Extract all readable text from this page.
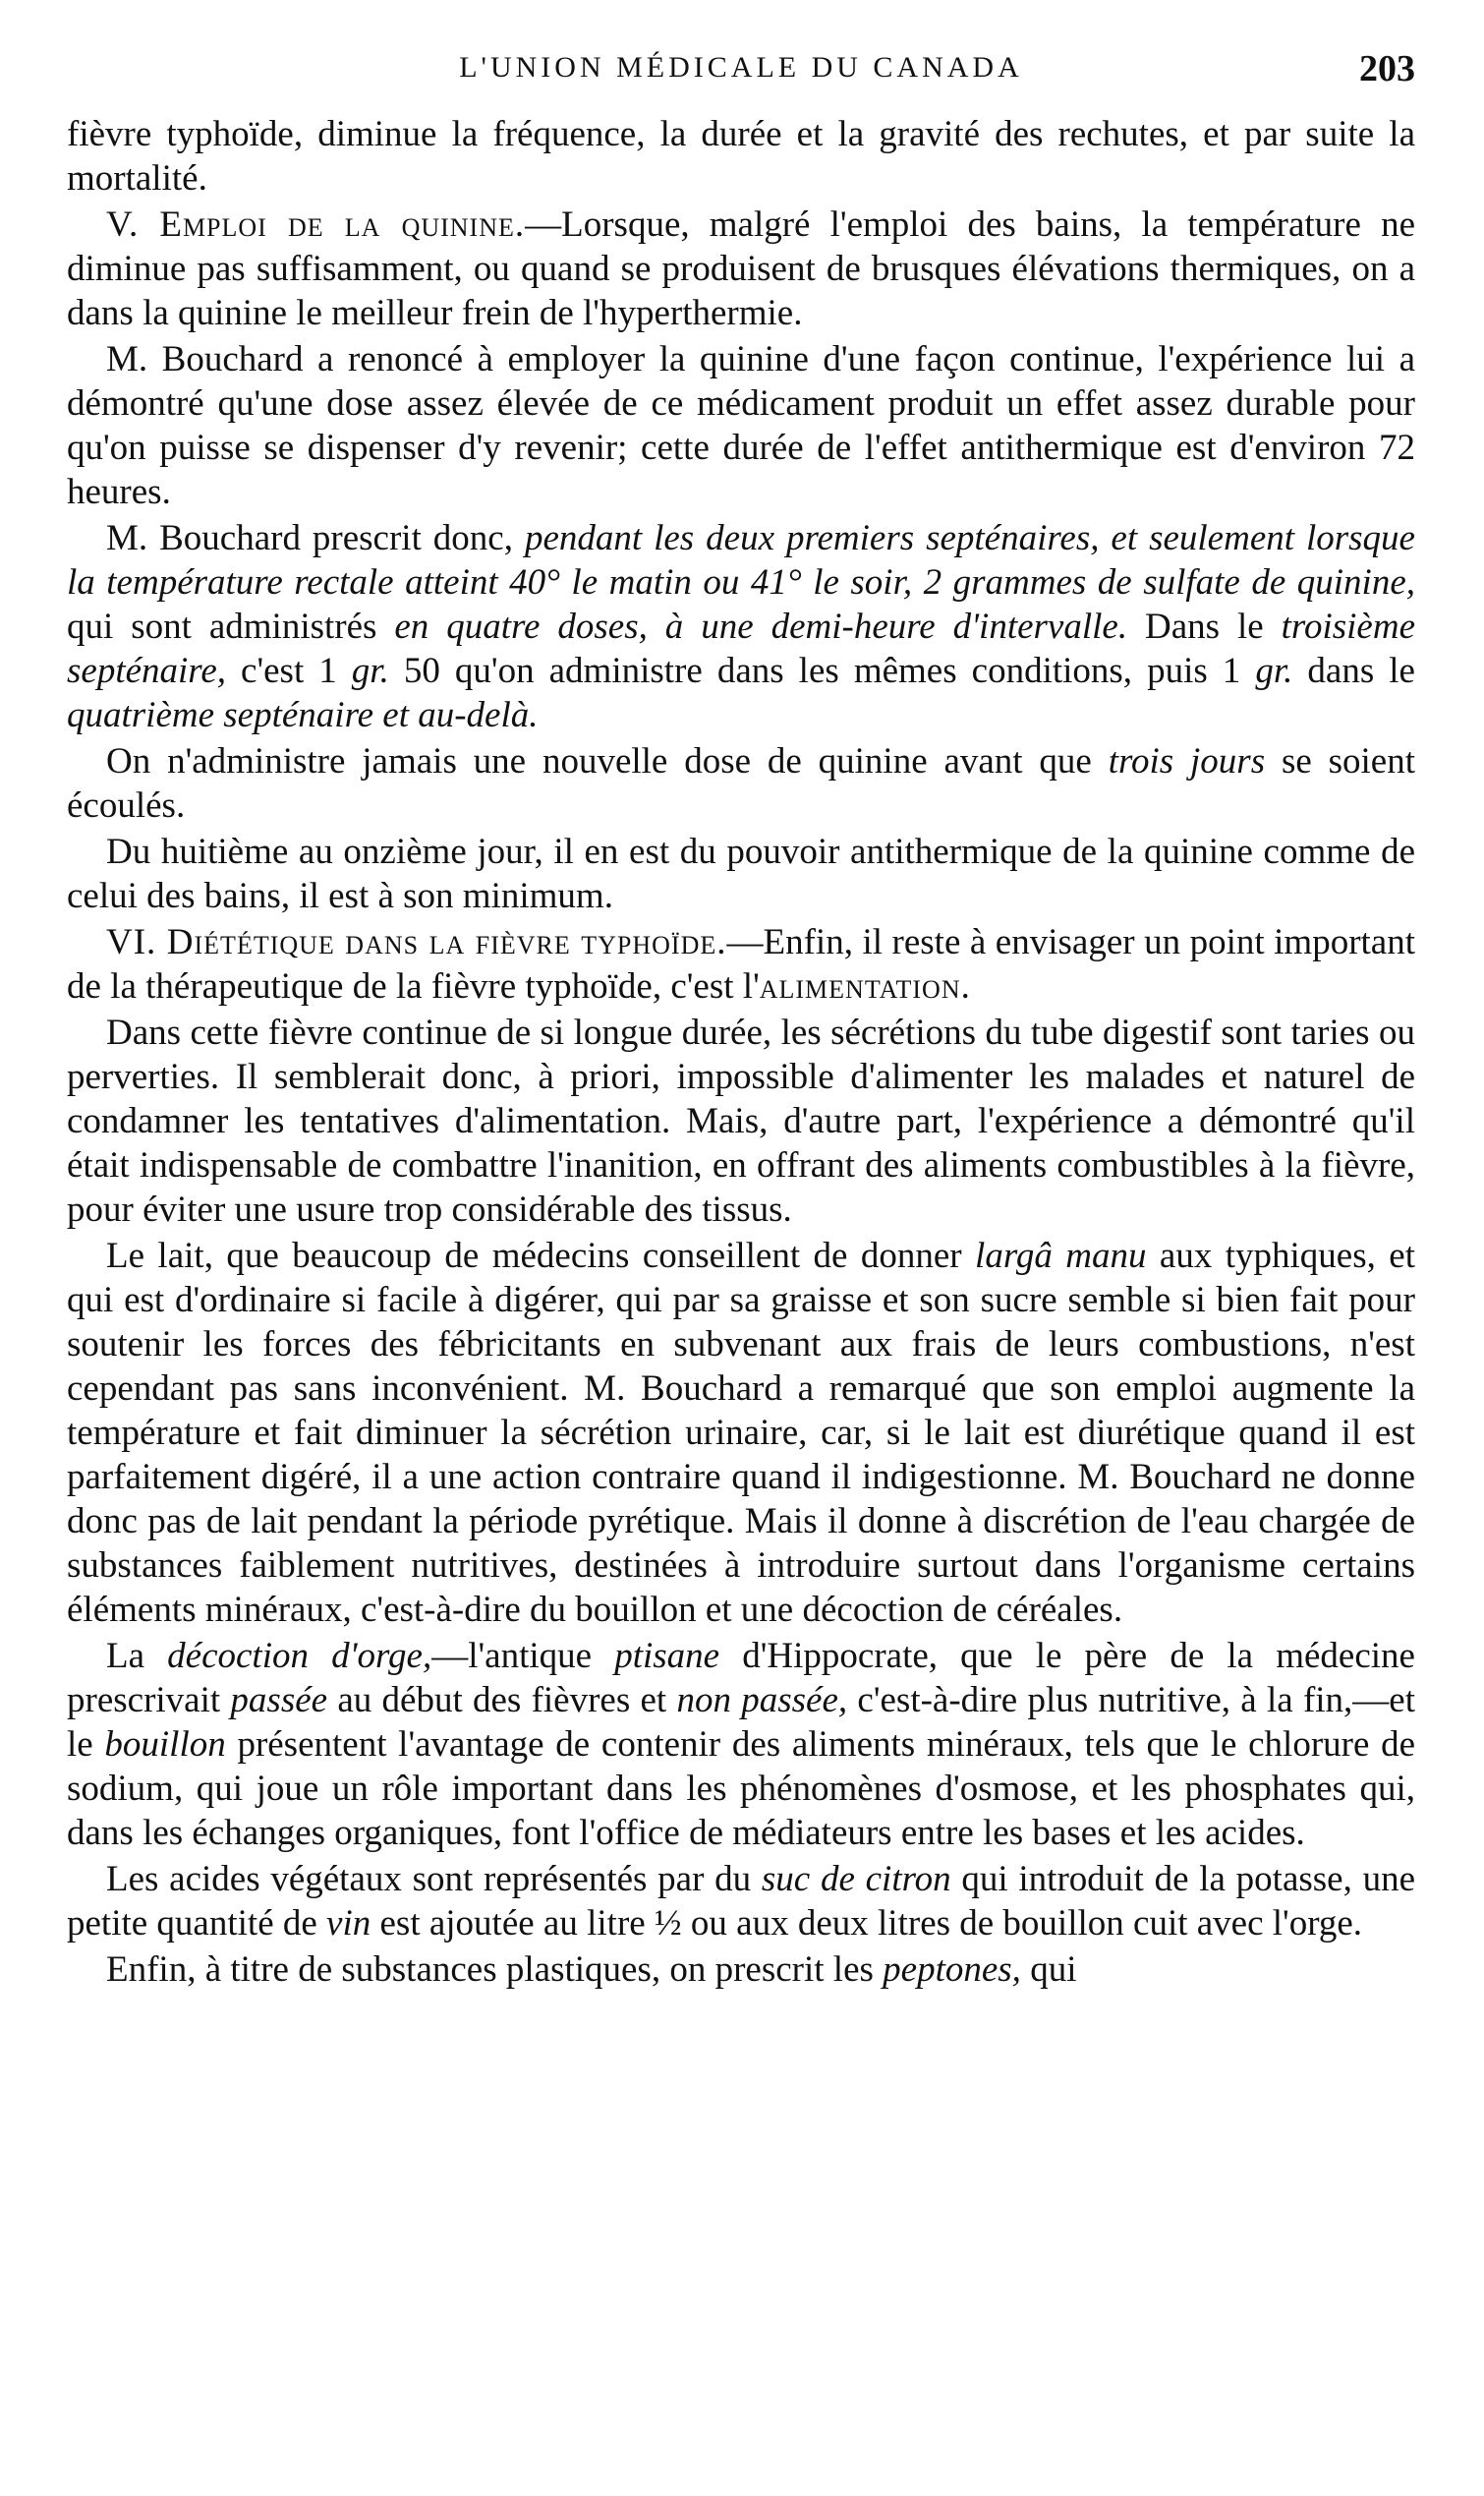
L'UNION MÉDICALE DU CANADA	203

fièvre typhoïde, diminue la fréquence, la durée et la gravité des rechutes, et par suite la mortalité.

V. Emploi de la quinine.—Lorsque, malgré l'emploi des bains, la température ne diminue pas suffisamment, ou quand se produisent de brusques élévations thermiques, on a dans la quinine le meilleur frein de l'hyperthermie.

M. Bouchard a renoncé à employer la quinine d'une façon continue, l'expérience lui a démontré qu'une dose assez élevée de ce médicament produit un effet assez durable pour qu'on puisse se dispenser d'y revenir; cette durée de l'effet antithermique est d'environ 72 heures.

M. Bouchard prescrit donc, pendant les deux premiers septénaires, et seulement lorsque la température rectale atteint 40° le matin ou 41° le soir, 2 grammes de sulfate de quinine, qui sont administrés en quatre doses, à une demi-heure d'intervalle. Dans le troisième septénaire, c'est 1 gr. 50 qu'on administre dans les mêmes conditions, puis 1 gr. dans le quatrième septénaire et au-delà.

On n'administre jamais une nouvelle dose de quinine avant que trois jours se soient écoulés.

Du huitième au onzième jour, il en est du pouvoir antithermique de la quinine comme de celui des bains, il est à son minimum.

VI. Diététique dans la fièvre typhoïde.—Enfin, il reste à envisager un point important de la thérapeutique de la fièvre typhoïde, c'est l'alimentation.

Dans cette fièvre continue de si longue durée, les sécrétions du tube digestif sont taries ou perverties. Il semblerait donc, à priori, impossible d'alimenter les malades et naturel de condamner les tentatives d'alimentation. Mais, d'autre part, l'expérience a démontré qu'il était indispensable de combattre l'inanition, en offrant des aliments combustibles à la fièvre, pour éviter une usure trop considérable des tissus.

Le lait, que beaucoup de médecins conseillent de donner largâ manu aux typhiques, et qui est d'ordinaire si facile à digérer, qui par sa graisse et son sucre semble si bien fait pour soutenir les forces des fébricitants en subvenant aux frais de leurs combustions, n'est cependant pas sans inconvénient. M. Bouchard a remarqué que son emploi augmente la température et fait diminuer la sécrétion urinaire, car, si le lait est diurétique quand il est parfaitement digéré, il a une action contraire quand il indigestionne. M. Bouchard ne donne donc pas de lait pendant la période pyrétique. Mais il donne à discrétion de l'eau chargée de substances faiblement nutritives, destinées à introduire surtout dans l'organisme certains éléments minéraux, c'est-à-dire du bouillon et une décoction de céréales.

La décoction d'orge,—l'antique ptisane d'Hippocrate, que le père de la médecine prescrivait passée au début des fièvres et non passée, c'est-à-dire plus nutritive, à la fin,—et le bouillon présentent l'avantage de contenir des aliments minéraux, tels que le chlorure de sodium, qui joue un rôle important dans les phénomènes d'osmose, et les phosphates qui, dans les échanges organiques, font l'office de médiateurs entre les bases et les acides.

Les acides végétaux sont représentés par du suc de citron qui introduit de la potasse, une petite quantité de vin est ajoutée au litre ½ ou aux deux litres de bouillon cuit avec l'orge.

Enfin, à titre de substances plastiques, on prescrit les peptones, qui
